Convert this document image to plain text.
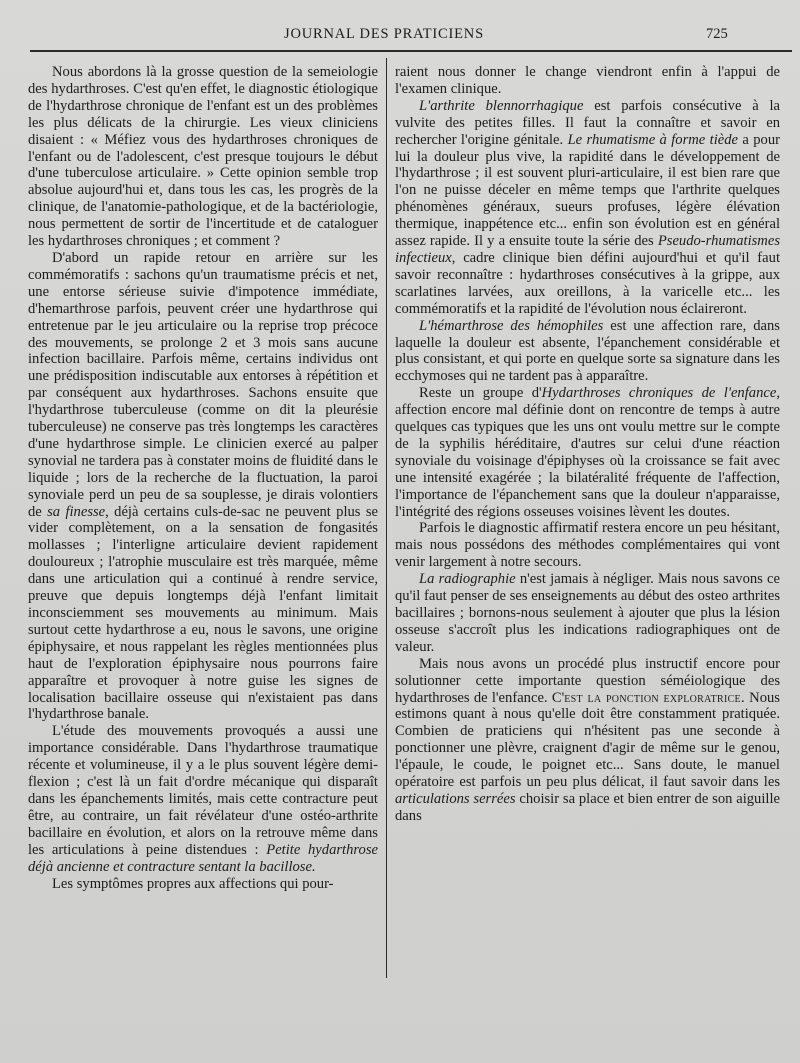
JOURNAL DES PRATICIENS	725

Nous abordons là la grosse question de la semeiologie des hydarthroses. C'est qu'en effet, le diagnostic étiologique de l'hydarthrose chronique de l'enfant est un des problèmes les plus délicats de la chirurgie. Les vieux cliniciens disaient : « Méfiez vous des hydarthroses chroniques de l'enfant ou de l'adolescent, c'est presque toujours le début d'une tuberculose articulaire. » Cette opinion semble trop absolue aujourd'hui et, dans tous les cas, les progrès de la clinique, de l'anatomie-pathologique, et de la bactériologie, nous permettent de sortir de l'incertitude et de cataloguer les hydarthroses chroniques ; et comment ?

D'abord un rapide retour en arrière sur les commémoratifs : sachons qu'un traumatisme précis et net, une entorse sérieuse suivie d'impotence immédiate, d'hemarthrose parfois, peuvent créer une hydarthrose qui entretenue par le jeu articulaire ou la reprise trop précoce des mouvements, se prolonge 2 et 3 mois sans aucune infection bacillaire. Parfois même, certains individus ont une prédisposition indiscutable aux entorses à répétition et par conséquent aux hydarthroses. Sachons ensuite que l'hydarthrose tuberculeuse (comme on dit la pleurésie tuberculeuse) ne conserve pas très longtemps les caractères d'une hydarthrose simple. Le clinicien exercé au palper synovial ne tardera pas à constater moins de fluidité dans le liquide ; lors de la recherche de la fluctuation, la paroi synoviale perd un peu de sa souplesse, je dirais volontiers de sa finesse, déjà certains culs-de-sac ne peuvent plus se vider complètement, on a la sensation de fongasités mollasses ; l'interligne articulaire devient rapidement douloureux ; l'atrophie musculaire est très marquée, même dans une articulation qui a continué à rendre service, preuve que depuis longtemps déjà l'enfant limitait inconsciemment ses mouvements au minimum. Mais surtout cette hydarthrose a eu, nous le savons, une origine épiphysaire, et nous rappelant les règles mentionnées plus haut de l'exploration épiphysaire nous pourrons faire apparaître et provoquer à notre guise les signes de localisation bacillaire osseuse qui n'existaient pas dans l'hydarthrose banale.

L'étude des mouvements provoqués a aussi une importance considérable. Dans l'hydarthrose traumatique récente et volumineuse, il y a le plus souvent légère demi-flexion ; c'est là un fait d'ordre mécanique qui disparaît dans les épanchements limités, mais cette contracture peut être, au contraire, un fait révélateur d'une ostéo-arthrite bacillaire en évolution, et alors on la retrouve même dans les articulations à peine distendues : Petite hydarthrose déjà ancienne et contracture sentant la bacillose.

Les symptômes propres aux affections qui pour-

raient nous donner le change viendront enfin à l'appui de l'examen clinique.

L'arthrite blennorrhagique est parfois consécutive à la vulvite des petites filles. Il faut la connaître et savoir en rechercher l'origine génitale. Le rhumatisme à forme tiède a pour lui la douleur plus vive, la rapidité dans le développement de l'hydarthrose ; il est souvent pluri-articulaire, il est bien rare que l'on ne puisse déceler en même temps que l'arthrite quelques phénomènes généraux, sueurs profuses, légère élévation thermique, inappétence etc... enfin son évolution est en général assez rapide. Il y a ensuite toute la série des Pseudo-rhumatismes infectieux, cadre clinique bien défini aujourd'hui et qu'il faut savoir reconnaître : hydarthroses consécutives à la grippe, aux scarlatines larvées, aux oreillons, à la varicelle etc... les commémoratifs et la rapidité de l'évolution nous éclaireront.

L'hémarthrose des hémophiles est une affection rare, dans laquelle la douleur est absente, l'épanchement considérable et plus consistant, et qui porte en quelque sorte sa signature dans les ecchymoses qui ne tardent pas à apparaître.

Reste un groupe d'Hydarthroses chroniques de l'enfance, affection encore mal définie dont on rencontre de temps à autre quelques cas typiques que les uns ont voulu mettre sur le compte de la syphilis héréditaire, d'autres sur celui d'une réaction synoviale du voisinage d'épiphyses où la croissance se fait avec une intensité exagérée ; la bilatéralité fréquente de l'affection, l'importance de l'épanchement sans que la douleur n'apparaisse, l'intégrité des régions osseuses voisines lèvent les doutes.

Parfois le diagnostic affirmatif restera encore un peu hésitant, mais nous possédons des méthodes complémentaires qui vont venir largement à notre secours.

La radiographie n'est jamais à négliger. Mais nous savons ce qu'il faut penser de ses enseignements au début des osteo arthrites bacillaires ; bornons-nous seulement à ajouter que plus la lésion osseuse s'accroît plus les indications radiographiques ont de valeur.

Mais nous avons un procédé plus instructif encore pour solutionner cette importante question séméiologique des hydarthroses de l'enfance. C'est la ponction exploratrice. Nous estimons quant à nous qu'elle doit être constamment pratiquée. Combien de praticiens qui n'hésitent pas une seconde à ponctionner une plèvre, craignent d'agir de même sur le genou, l'épaule, le coude, le poignet etc... Sans doute, le manuel opératoire est parfois un peu plus délicat, il faut savoir dans les articulations serrées choisir sa place et bien entrer de son aiguille dans
